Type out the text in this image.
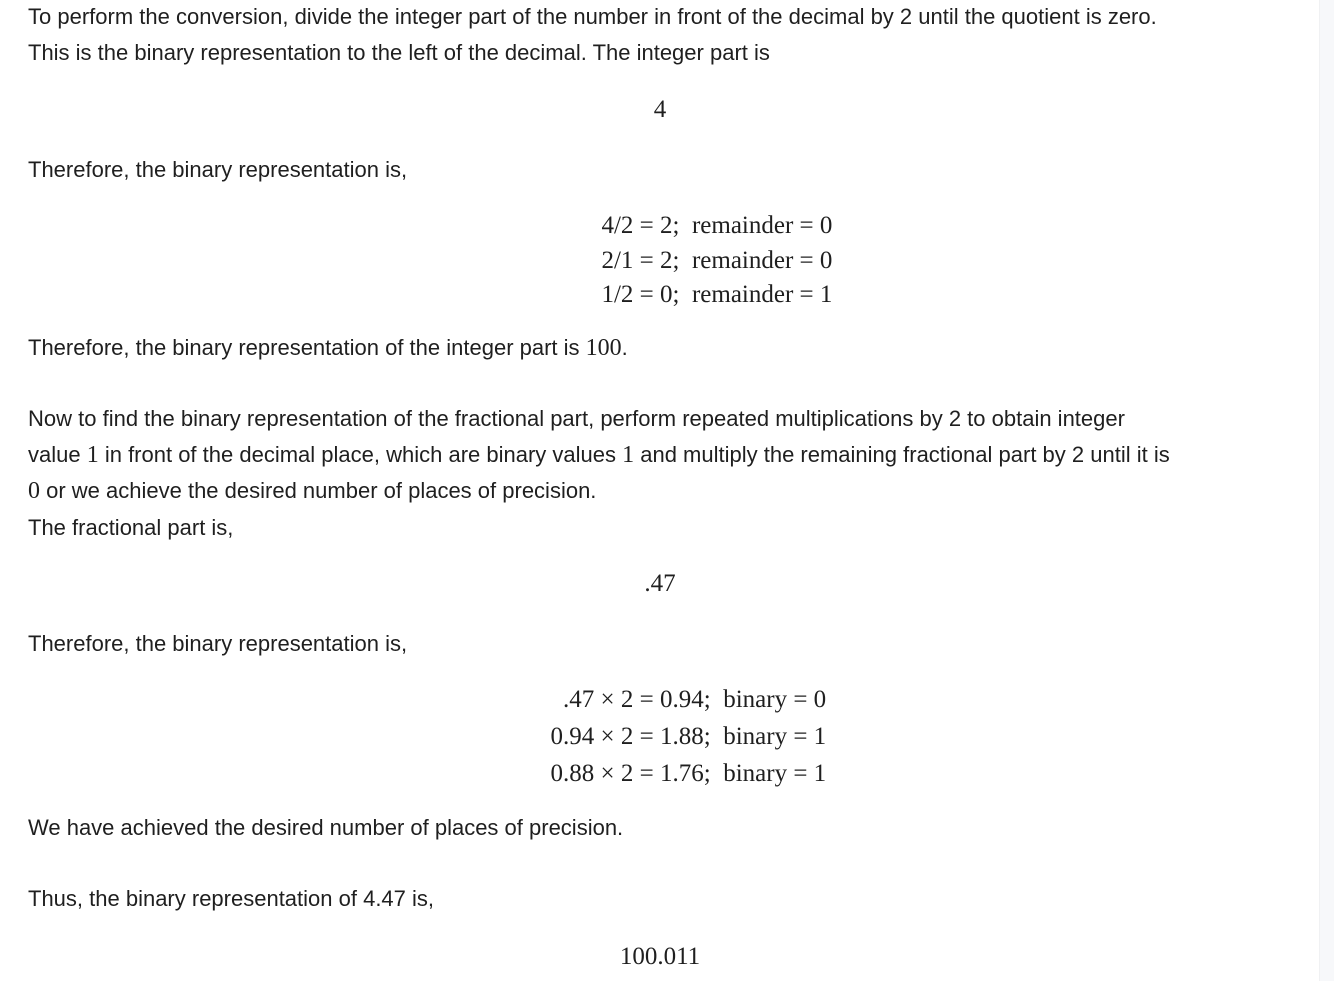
To perform the conversion, divide the integer part of the number in front of the decimal by 2 until the quotient is zero.
This is the binary representation to the left of the decimal. The integer part is

4

Therefore, the binary representation is,

4/2 = 2;  remainder = 0
2/1 = 2;  remainder = 0
1/2 = 0;  remainder = 1

Therefore, the binary representation of the integer part is 100.

Now to find the binary representation of the fractional part, perform repeated multiplications by 2 to obtain integer
value 1 in front of the decimal place, which are binary values 1 and multiply the remaining fractional part by 2 until it is
0 or we achieve the desired number of places of precision.
The fractional part is,

.47

Therefore, the binary representation is,

.47 × 2 = 0.94;  binary = 0
0.94 × 2 = 1.88;  binary = 1
0.88 × 2 = 1.76;  binary = 1

We have achieved the desired number of places of precision.

Thus, the binary representation of 4.47 is,

100.011
